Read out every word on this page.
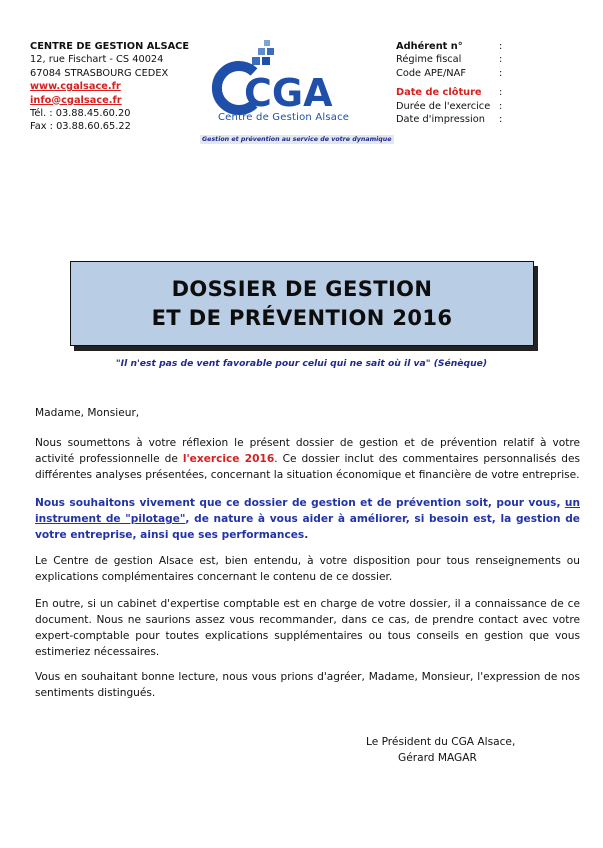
CENTRE DE GESTION ALSACE
12, rue Fischart - CS 40024
67084 STRASBOURG CEDEX
www.cgalsace.fr
info@cgalsace.fr
Tél. : 03.88.45.60.20
Fax : 03.88.60.65.22
CGA
Centre de Gestion Alsace
Gestion et prévention au service de votre dynamique
Adhérent n°	:
Régime fiscal	:
Code APE/NAF	:
Date de clôture :
Durée de l'exercice :
Date d'impression :
DOSSIER DE GESTION
ET DE PRÉVENTION 2016
"Il n'est pas de vent favorable pour celui qui ne sait où il va" (Sénèque)
Madame, Monsieur,
Nous soumettons à votre réflexion le présent dossier de gestion et de prévention relatif à votre activité professionnelle de l'exercice 2016. Ce dossier inclut des commentaires personnalisés des différentes analyses présentées, concernant la situation économique et financière de votre entreprise.
Nous souhaitons vivement que ce dossier de gestion et de prévention soit, pour vous, un instrument de "pilotage", de nature à vous aider à améliorer, si besoin est, la gestion de votre entreprise, ainsi que ses performances.
Le Centre de gestion Alsace est, bien entendu, à votre disposition pour tous renseignements ou explications complémentaires concernant le contenu de ce dossier.
En outre, si un cabinet d'expertise comptable est en charge de votre dossier, il a connaissance de ce document. Nous ne saurions assez vous recommander, dans ce cas, de prendre contact avec votre expert-comptable pour toutes explications supplémentaires ou tous conseils en gestion que vous estimeriez nécessaires.
Vous en souhaitant bonne lecture, nous vous prions d'agréer, Madame, Monsieur, l'expression de nos sentiments distingués.
Le Président du CGA Alsace,
Gérard MAGAR
